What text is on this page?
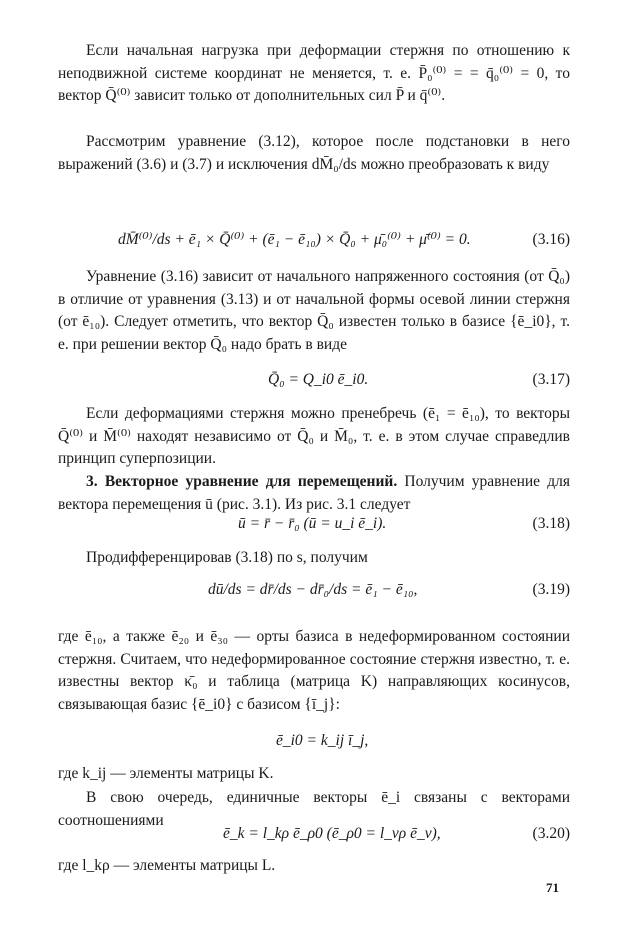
Если начальная нагрузка при деформации стержня по отношению к неподвижной системе координат не меняется, т. е. P̄₀⁽⁰⁾ = = q̄₀⁽⁰⁾ = 0, то вектор Q̄⁽⁰⁾ зависит только от дополнительных сил P̄ и q̄⁽⁰⁾.

Рассмотрим уравнение (3.12), которое после подстановки в него выражений (3.6) и (3.7) и исключения dM̄₀/ds можно преобразовать к виду

dM̄⁽⁰⁾/ds + ē₁ × Q̄⁽⁰⁾ + (ē₁ − ē₁₀) × Q̄₀ + μ̄₀⁽⁰⁾ + μ̄⁽⁰⁾ = 0.	(3.16)

Уравнение (3.16) зависит от начального напряженного состояния (от Q̄₀) в отличие от уравнения (3.13) и от начальной формы осевой линии стержня (от ē₁₀). Следует отметить, что вектор Q̄₀ известен только в базисе {ē_i0}, т. е. при решении вектор Q̄₀ надо брать в виде

Q̄₀ = Q_i0 ē_i0.	(3.17)

Если деформациями стержня можно пренебречь (ē₁ = ē₁₀), то векторы Q̄⁽⁰⁾ и M̄⁽⁰⁾ находят независимо от Q̄₀ и M̄₀, т. е. в этом случае справедлив принцип суперпозиции.

3. Векторное уравнение для перемещений. Получим уравнение для вектора перемещения ū (рис. 3.1). Из рис. 3.1 следует

ū = r̄ − r̄₀ (ū = u_i ē_i).	(3.18)

Продифференцировав (3.18) по s, получим

dū/ds = dr̄/ds − dr̄₀/ds = ē₁ − ē₁₀,	(3.19)

где ē₁₀, а также ē₂₀ и ē₃₀ — орты базиса в недеформированном состоянии стержня. Считаем, что недеформированное состояние стержня известно, т. е. известны вектор κ̄₀ и таблица (матрица K) направляющих косинусов, связывающая базис {ē_i0} с базисом {ī_j}:

ē_i0 = k_ij ī_j,

где k_ij — элементы матрицы K.

В свою очередь, единичные векторы ē_i связаны с векторами соотношениями

ē_k = l_kρ ē_ρ0 (ē_ρ0 = l_νρ ē_ν),	(3.20)

где l_kρ — элементы матрицы L.

71
